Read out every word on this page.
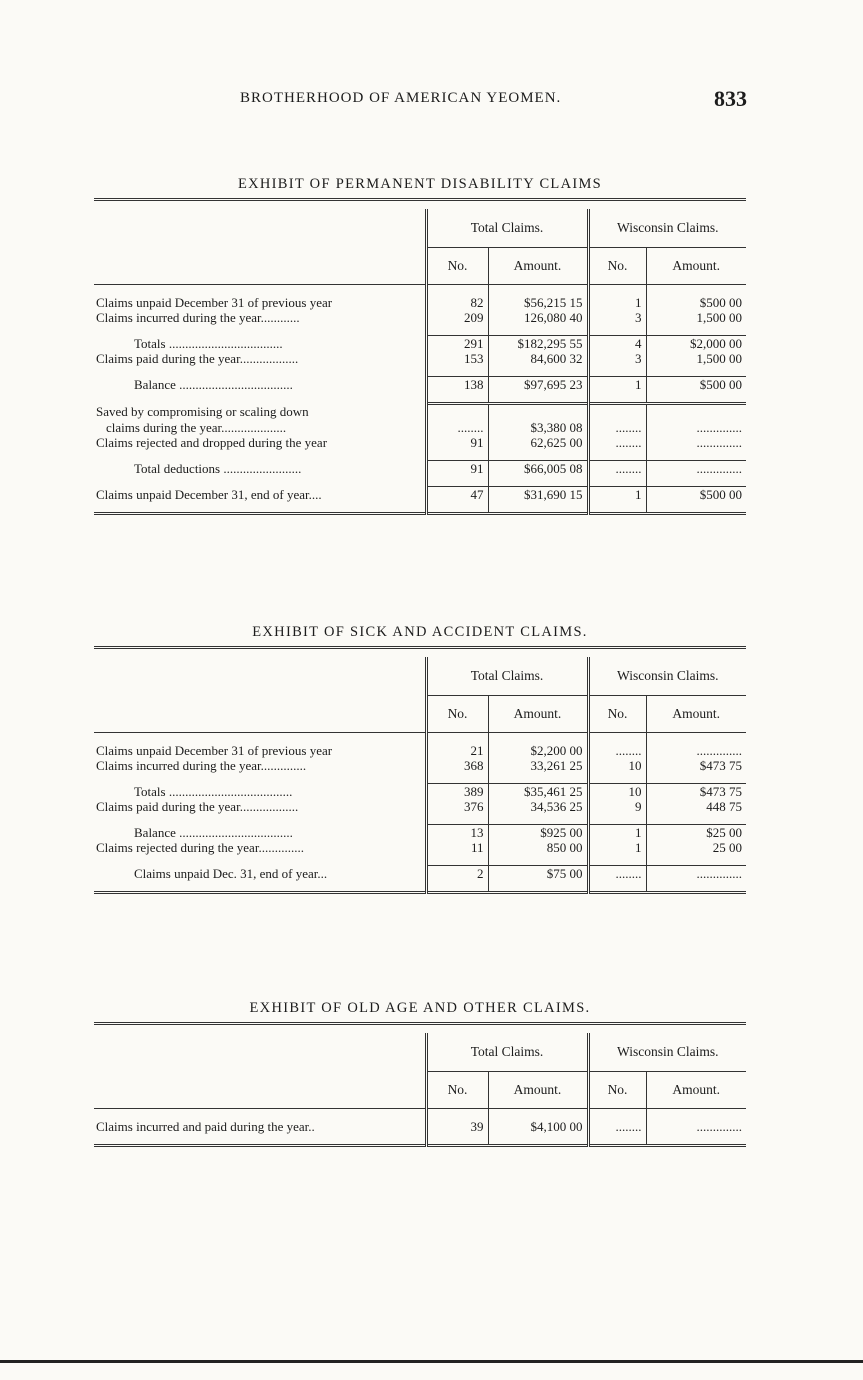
BROTHERHOOD OF AMERICAN YEOMEN.	833
EXHIBIT OF PERMANENT DISABILITY CLAIMS

	Total Claims.		Wisconsin Claims.	
	No.	Amount.	No.	Amount.

Claims unpaid December 31 of previous year	82	$56,215 15	1	$500 00
Claims incurred during the year............	209	126,080 40	3	1,500 00

Totals ...................................	291	$182,295 55	4	$2,000 00
Claims paid during the year..................	153	84,600 32	3	1,500 00

Balance ...................................	138	$97,695 23	1	$500 00

Saved by compromising or scaling down				
claims during the year....................	........	$3,380 08	........	..............
Claims rejected and dropped during the year	91	62,625 00	........	..............

Total deductions ........................	91	$66,005 08	........	..............

Claims unpaid December 31, end of year....	47	$31,690 15	1	$500 00

EXHIBIT OF SICK AND ACCIDENT CLAIMS.

	Total Claims.		Wisconsin Claims.	
	No.	Amount.	No.	Amount.

Claims unpaid December 31 of previous year	21	$2,200 00	........	..............
Claims incurred during the year..............	368	33,261 25	10	$473 75

Totals ......................................	389	$35,461 25	10	$473 75
Claims paid during the year..................	376	34,536 25	9	448 75

Balance ...................................	13	$925 00	1	$25 00
Claims rejected during the year..............	11	850 00	1	25 00

Claims unpaid Dec. 31, end of year...	2	$75 00	........	..............

EXHIBIT OF OLD AGE AND OTHER CLAIMS.

	Total Claims.		Wisconsin Claims.	
	No.	Amount.	No.	Amount.

Claims incurred and paid during the year..	39	$4,100 00	........	..............
